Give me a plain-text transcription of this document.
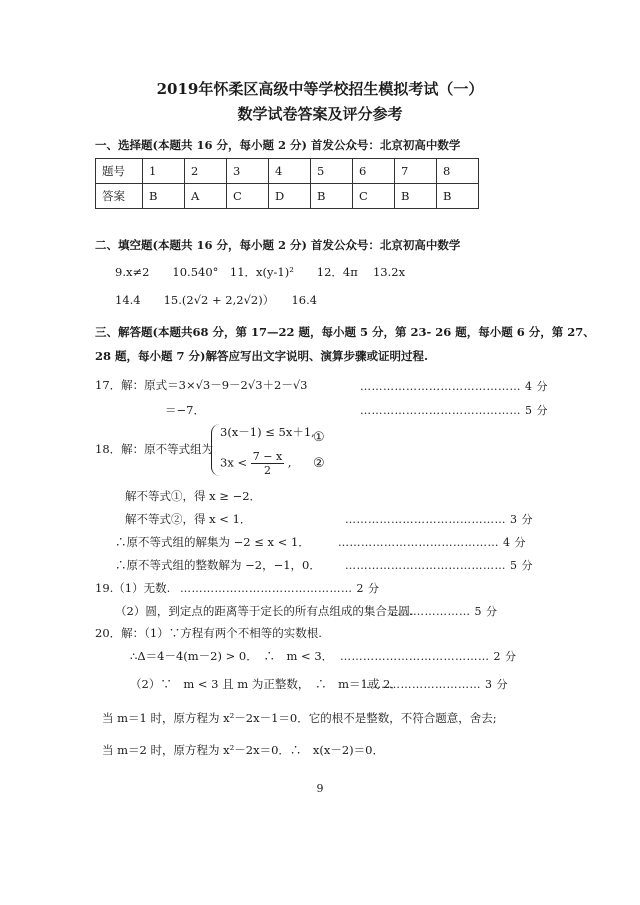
2019年怀柔区高级中等学校招生模拟考试（一）
数学试卷答案及评分参考
一、选择题(本题共 16 分，每小题 2 分) 首发公众号：北京初高中数学
题号	1	2	3	4	5	6	7	8
答案	B	A	C	D	B	C	B	B
二、填空题(本题共 16 分，每小题 2 分) 首发公众号：北京初高中数学
9.x≠2　　10.540°　11．x(y-1)²　　12．4π　 13.2x
14.4　　15.(2√2 + 2,2√2)）　　16.4
三、解答题(本题共68 分，第 17—22 题，每小题 5 分，第 23- 26 题，每小题 6 分，第 27、
28 题，每小题 7 分)解答应写出文字说明、演算步骤或证明过程.
17．解：原式＝3×√3－9－2√3＋2－√3	…………………………………… 4 分
＝−7．	…………………………………… 5 分
18．解：原不等式组为
3(x－1) ≤ 5x＋1,
$3x < \frac{7 - x}{2}$ ,
①
②
解不等式①，得 x ≥ −2．
解不等式②，得 x < 1．	…………………………………… 3 分
∴原不等式组的解集为 −2 ≤ x < 1．	…………………………………… 4 分
∴原不等式组的整数解为 −2，−1，0． …………………………………… 5 分
19.（1）无数. ……………………………………… 2 分
（2）圆，到定点的距离等于定长的所有点组成的集合是圆.
………………… 5 分
20．解：（1）∵方程有两个不相等的实数根.
∴Δ＝4－4(m－2) > 0．　∴　m < 3． ………………………………… 2 分
（2）∵　m < 3 且 m 为正整数，　∴　m＝1或 2．
………………………… 3 分
当 m＝1 时，原方程为 x²－2x－1＝0．它的根不是整数，不符合题意，舍去;
当 m＝2 时，原方程为 x²－2x＝0．∴　x(x－2)＝0．
9
